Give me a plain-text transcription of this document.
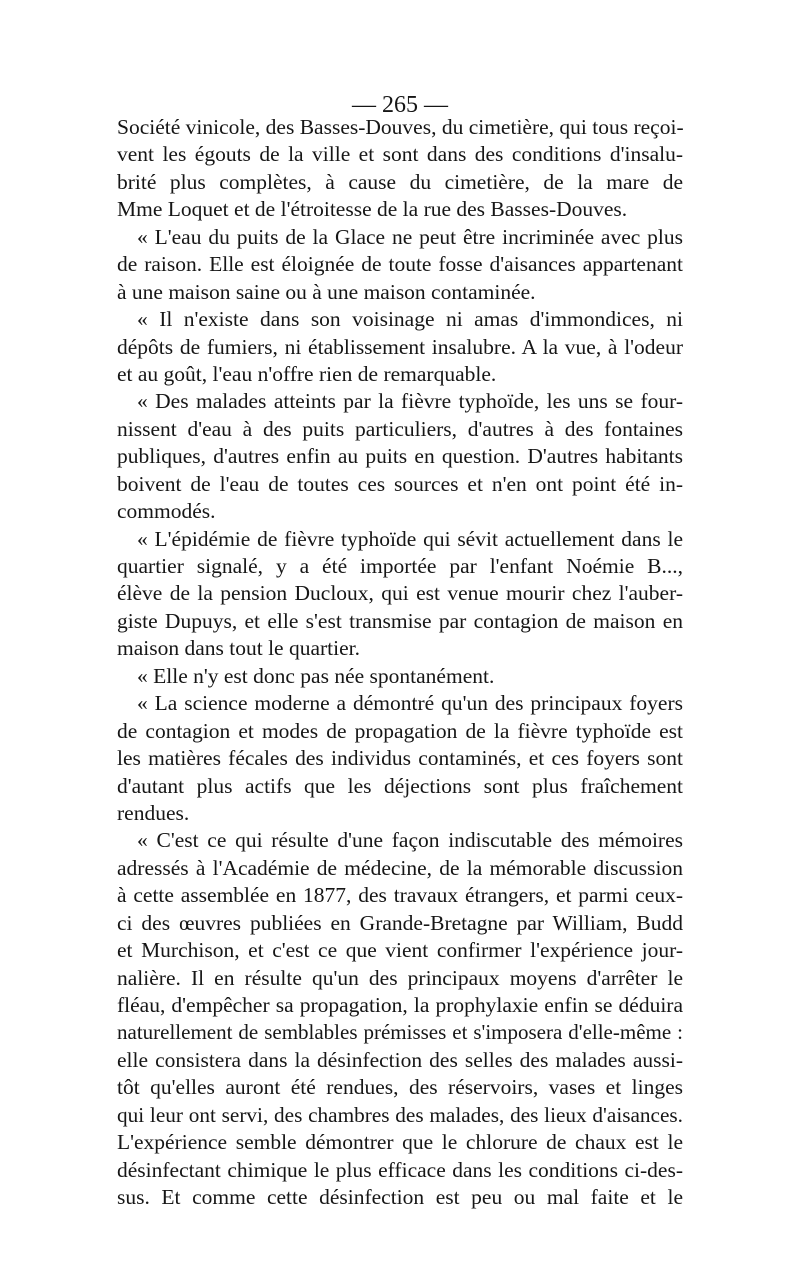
— 265 —
Société vinicole, des Basses-Douves, du cimetière, qui tous reçoi-
vent les égouts de la ville et sont dans des conditions d'insalu-
brité plus complètes, à cause du cimetière, de la mare de
Mme Loquet et de l'étroitesse de la rue des Basses-Douves.
« L'eau du puits de la Glace ne peut être incriminée avec plus
de raison. Elle est éloignée de toute fosse d'aisances appartenant
à une maison saine ou à une maison contaminée.
« Il n'existe dans son voisinage ni amas d'immondices, ni
dépôts de fumiers, ni établissement insalubre. A la vue, à l'odeur
et au goût, l'eau n'offre rien de remarquable.
« Des malades atteints par la fièvre typhoïde, les uns se four-
nissent d'eau à des puits particuliers, d'autres à des fontaines
publiques, d'autres enfin au puits en question. D'autres habitants
boivent de l'eau de toutes ces sources et n'en ont point été in-
commodés.
« L'épidémie de fièvre typhoïde qui sévit actuellement dans le
quartier signalé, y a été importée par l'enfant Noémie B...,
élève de la pension Ducloux, qui est venue mourir chez l'auber-
giste Dupuys, et elle s'est transmise par contagion de maison en
maison dans tout le quartier.
« Elle n'y est donc pas née spontanément.
« La science moderne a démontré qu'un des principaux foyers
de contagion et modes de propagation de la fièvre typhoïde est
les matières fécales des individus contaminés, et ces foyers sont
d'autant plus actifs que les déjections sont plus fraîchement
rendues.
« C'est ce qui résulte d'une façon indiscutable des mémoires
adressés à l'Académie de médecine, de la mémorable discussion
à cette assemblée en 1877, des travaux étrangers, et parmi ceux-
ci des œuvres publiées en Grande-Bretagne par William, Budd
et Murchison, et c'est ce que vient confirmer l'expérience jour-
nalière. Il en résulte qu'un des principaux moyens d'arrêter le
fléau, d'empêcher sa propagation, la prophylaxie enfin se déduira
naturellement de semblables prémisses et s'imposera d'elle-même :
elle consistera dans la désinfection des selles des malades aussi-
tôt qu'elles auront été rendues, des réservoirs, vases et linges
qui leur ont servi, des chambres des malades, des lieux d'aisances.
L'expérience semble démontrer que le chlorure de chaux est le
désinfectant chimique le plus efficace dans les conditions ci-des-
sus. Et comme cette désinfection est peu ou mal faite et le
